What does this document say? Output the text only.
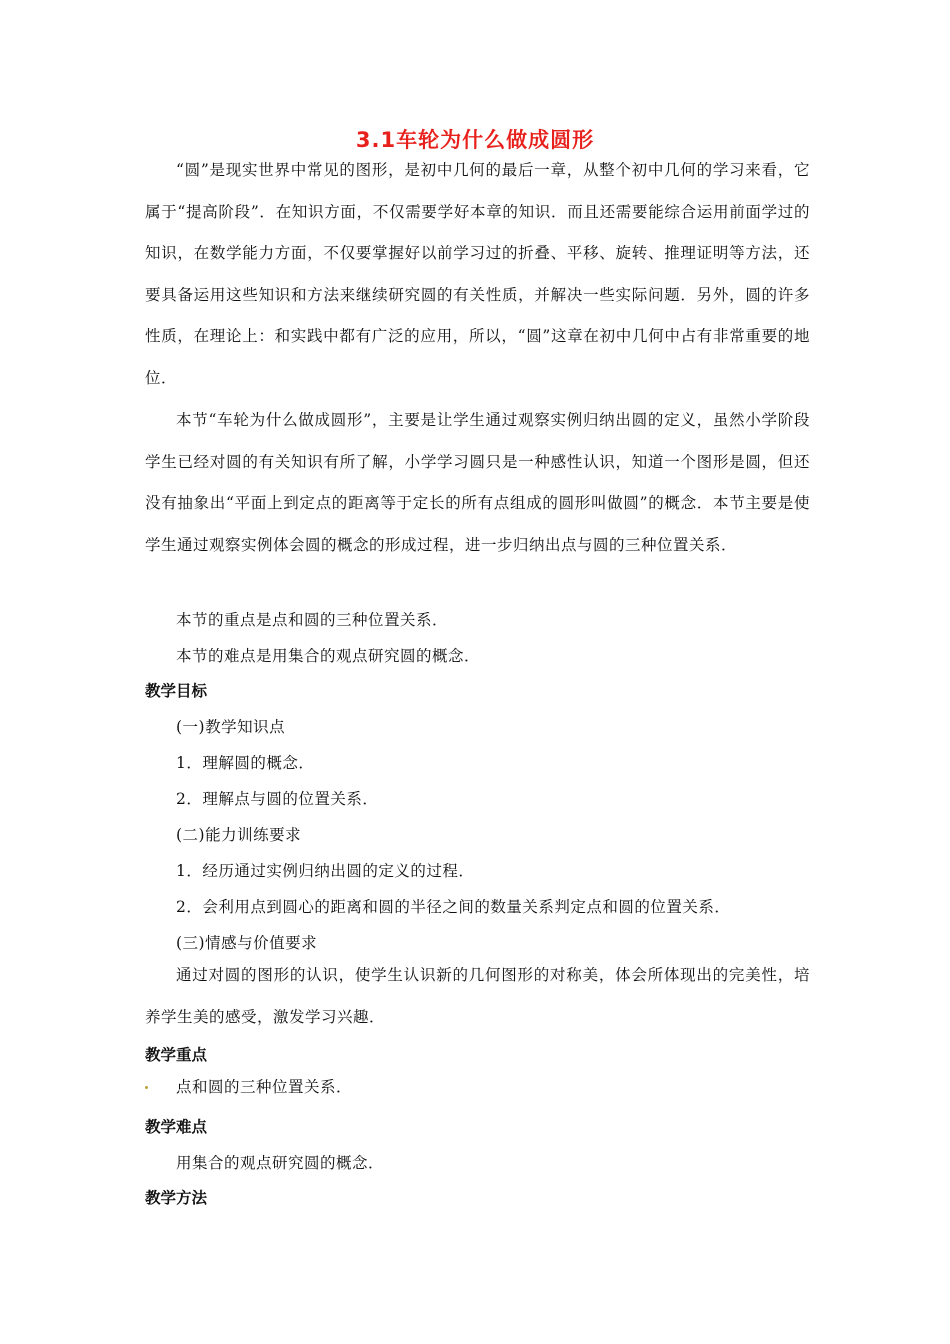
3.1车轮为什么做成圆形
“圆”是现实世界中常见的图形，是初中几何的最后一章，从整个初中几何的学习来看，它属于“提高阶段”．在知识方面，不仅需要学好本章的知识．而且还需要能综合运用前面学过的知识，在数学能力方面，不仅要掌握好以前学习过的折叠、平移、旋转、推理证明等方法，还要具备运用这些知识和方法来继续研究圆的有关性质，并解决一些实际问题．另外，圆的许多性质，在理论上：和实践中都有广泛的应用，所以，“圆”这章在初中几何中占有非常重要的地位．
本节“车轮为什么做成圆形”，主要是让学生通过观察实例归纳出圆的定义，虽然小学阶段学生已经对圆的有关知识有所了解，小学学习圆只是一种感性认识，知道一个图形是圆，但还没有抽象出“平面上到定点的距离等于定长的所有点组成的圆形叫做圆”的概念．本节主要是使学生通过观察实例体会圆的概念的形成过程，进一步归纳出点与圆的三种位置关系．
本节的重点是点和圆的三种位置关系．
本节的难点是用集合的观点研究圆的概念．
教学目标
(一)教学知识点
1．理解圆的概念．
2．理解点与圆的位置关系．
(二)能力训练要求
1．经历通过实例归纳出圆的定义的过程．
2．会利用点到圆心的距离和圆的半径之间的数量关系判定点和圆的位置关系．
(三)情感与价值要求
通过对圆的图形的认识，使学生认识新的几何图形的对称美，体会所体现出的完美性，培养学生美的感受，激发学习兴趣．
教学重点
点和圆的三种位置关系．
教学难点
用集合的观点研究圆的概念．
教学方法
